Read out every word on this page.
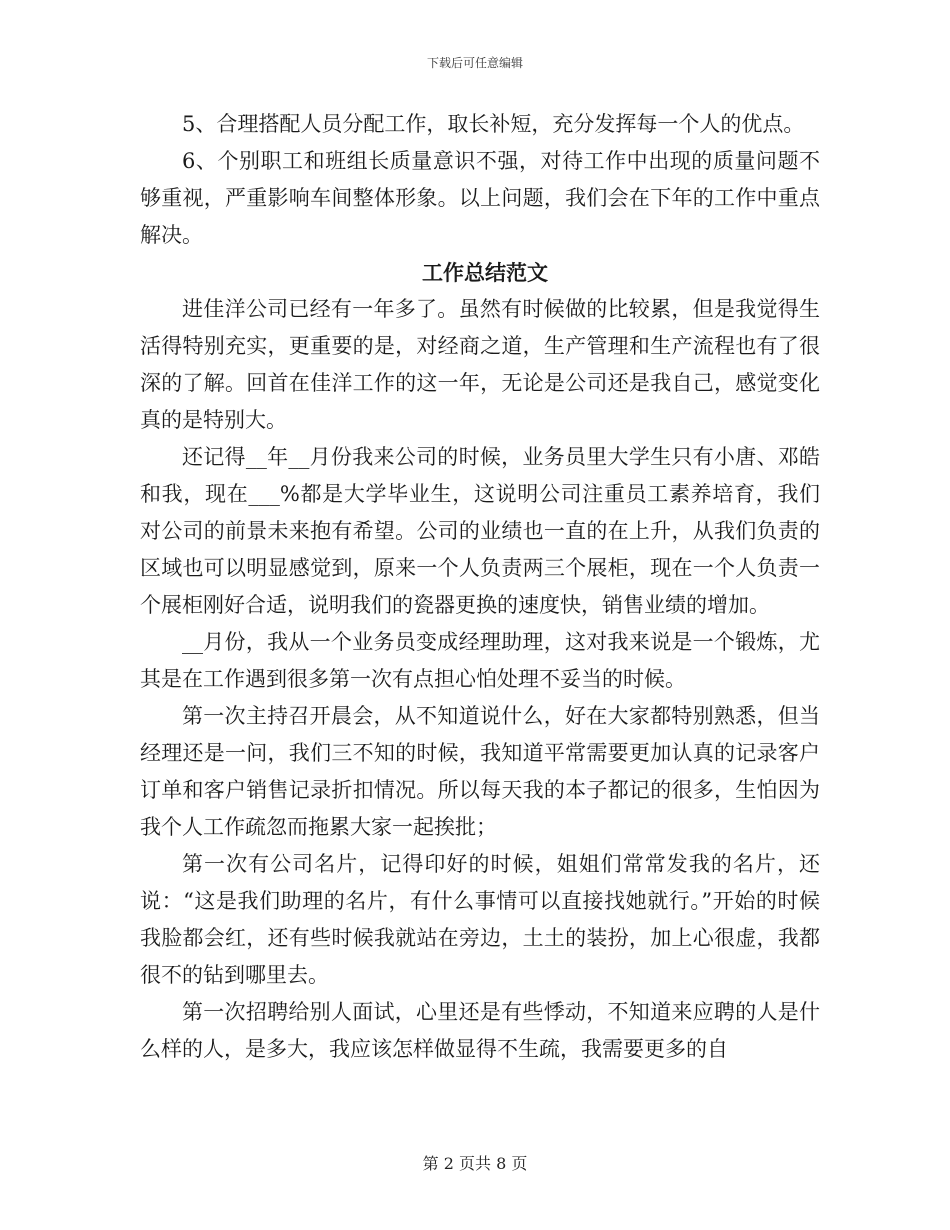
下载后可任意编辑

5、合理搭配人员分配工作，取长补短，充分发挥每一个人的优点。

6、个别职工和班组长质量意识不强，对待工作中出现的质量问题不够重视，严重影响车间整体形象。以上问题，我们会在下年的工作中重点解决。

工作总结范文

进佳洋公司已经有一年多了。虽然有时候做的比较累，但是我觉得生活得特别充实，更重要的是，对经商之道，生产管理和生产流程也有了很深的了解。回首在佳洋工作的这一年，无论是公司还是我自己，感觉变化真的是特别大。

还记得__年__月份我来公司的时候，业务员里大学生只有小唐、邓皓和我，现在___%都是大学毕业生，这说明公司注重员工素养培育，我们对公司的前景未来抱有希望。公司的业绩也一直的在上升，从我们负责的区域也可以明显感觉到，原来一个人负责两三个展柜，现在一个人负责一个展柜刚好合适，说明我们的瓷器更换的速度快，销售业绩的增加。

__月份，我从一个业务员变成经理助理，这对我来说是一个锻炼，尤其是在工作遇到很多第一次有点担心怕处理不妥当的时候。

第一次主持召开晨会，从不知道说什么，好在大家都特别熟悉，但当经理还是一问，我们三不知的时候，我知道平常需要更加认真的记录客户订单和客户销售记录折扣情况。所以每天我的本子都记的很多，生怕因为我个人工作疏忽而拖累大家一起挨批；

第一次有公司名片，记得印好的时候，姐姐们常常发我的名片，还说：“这是我们助理的名片，有什么事情可以直接找她就行。”开始的时候我脸都会红，还有些时候我就站在旁边，土土的装扮，加上心很虚，我都很不的钻到哪里去。

第一次招聘给别人面试，心里还是有些悸动，不知道来应聘的人是什么样的人，是多大，我应该怎样做显得不生疏，我需要更多的自

第 2 页共 8 页
